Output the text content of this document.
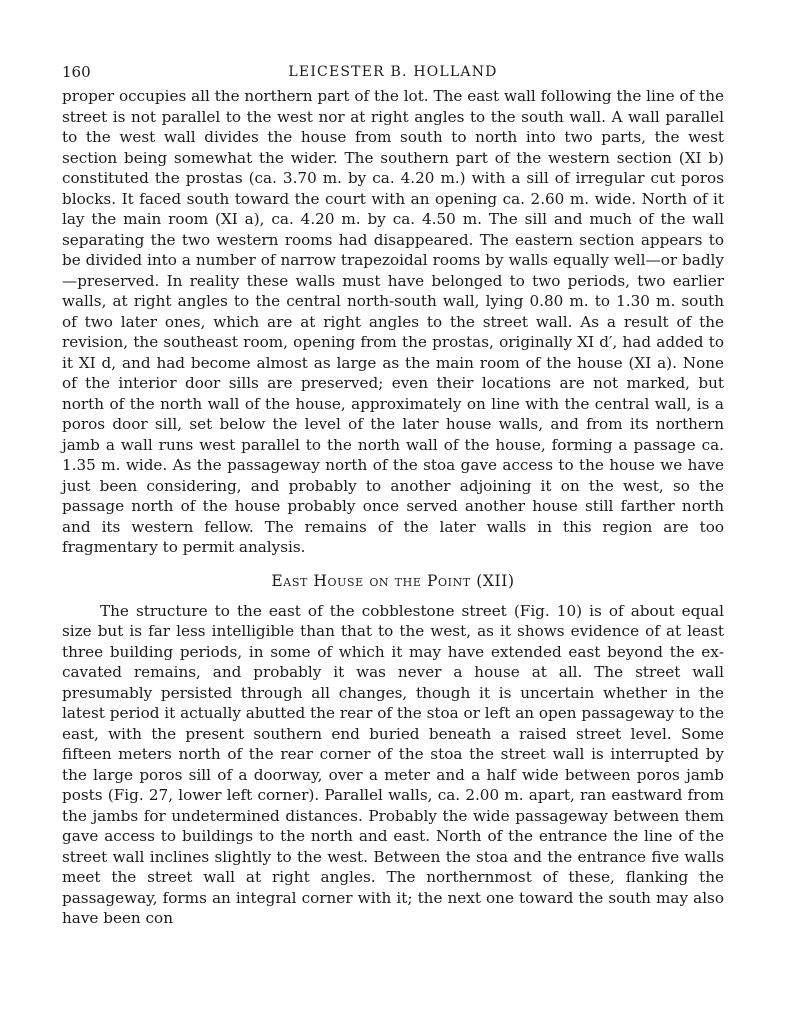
160	LEICESTER B. HOLLAND

proper occupies all the northern part of the lot. The east wall following the line of the street is not parallel to the west nor at right angles to the south wall. A wall parallel to the west wall divides the house from south to north into two parts, the west section being somewhat the wider. The southern part of the western section (XI b) constituted the prostas (ca. 3.70 m. by ca. 4.20 m.) with a sill of irregular cut poros blocks. It faced south toward the court with an opening ca. 2.60 m. wide. North of it lay the main room (XI a), ca. 4.20 m. by ca. 4.50 m. The sill and much of the wall separating the two western rooms had disappeared. The eastern section appears to be divided into a number of narrow trapezoidal rooms by walls equally well—or badly—preserved. In reality these walls must have belonged to two periods, two earlier walls, at right angles to the central north-south wall, lying 0.80 m. to 1.30 m. south of two later ones, which are at right angles to the street wall. As a result of the revision, the southeast room, opening from the prostas, originally XI d′, had added to it XI d, and had become almost as large as the main room of the house (XI a). None of the interior door sills are preserved; even their locations are not marked, but north of the north wall of the house, approximately on line with the central wall, is a poros door sill, set below the level of the later house walls, and from its northern jamb a wall runs west parallel to the north wall of the house, forming a passage ca. 1.35 m. wide. As the passageway north of the stoa gave access to the house we have just been considering, and probably to another adjoining it on the west, so the passage north of the house probably once served another house still farther north and its western fellow. The remains of the later walls in this region are too fragmentary to permit analysis.

East House on the Point (XII)

The structure to the east of the cobblestone street (Fig. 10) is of about equal size but is far less intelligible than that to the west, as it shows evidence of at least three building periods, in some of which it may have extended east beyond the excavated remains, and probably it was never a house at all. The street wall presumably persisted through all changes, though it is uncertain whether in the latest period it actually abutted the rear of the stoa or left an open passageway to the east, with the present southern end buried beneath a raised street level. Some fifteen meters north of the rear corner of the stoa the street wall is interrupted by the large poros sill of a doorway, over a meter and a half wide between poros jamb posts (Fig. 27, lower left corner). Parallel walls, ca. 2.00 m. apart, ran eastward from the jambs for undetermined distances. Probably the wide passageway between them gave access to buildings to the north and east. North of the entrance the line of the street wall inclines slightly to the west. Between the stoa and the entrance five walls meet the street wall at right angles. The northernmost of these, flanking the passageway, forms an integral corner with it; the next one toward the south may also have been con
